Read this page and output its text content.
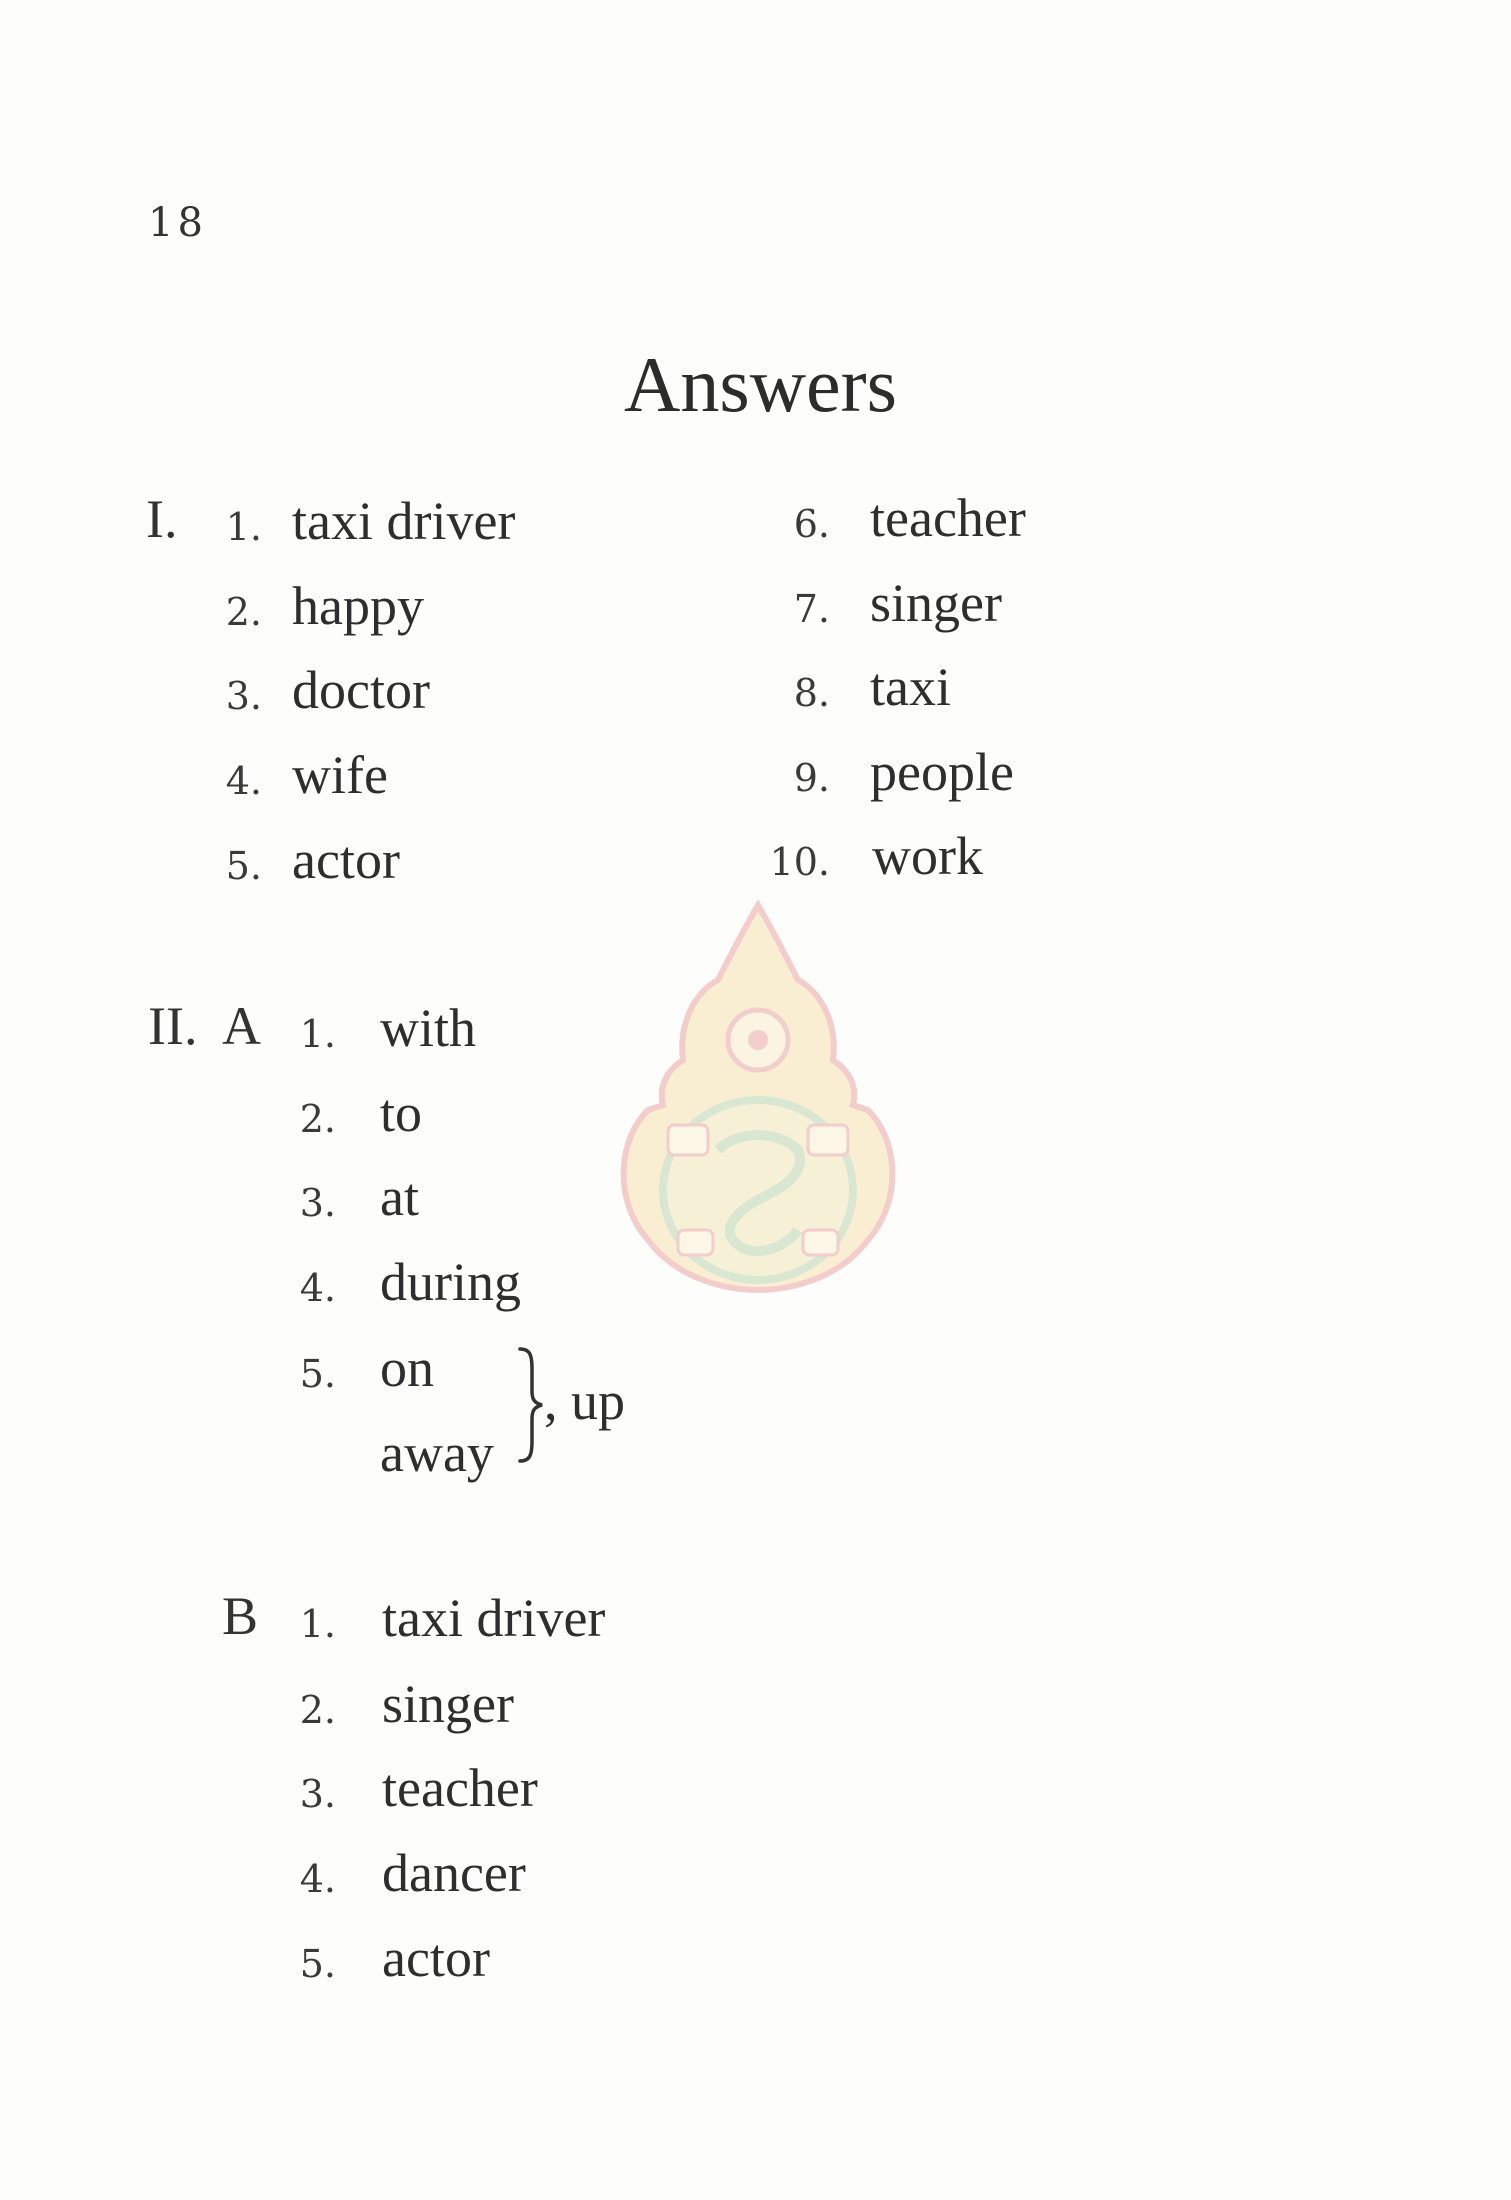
18
Answers
I.	1. taxi driver
2. happy
3. doctor
4. wife
5. actor
6. teacher
7. singer
8. taxi
9. people
10. work
II. A	1. with
2. to
3. at
4. during
5. on
away
, up
B	1. taxi driver
2. singer
3. teacher
4. dancer
5. actor
